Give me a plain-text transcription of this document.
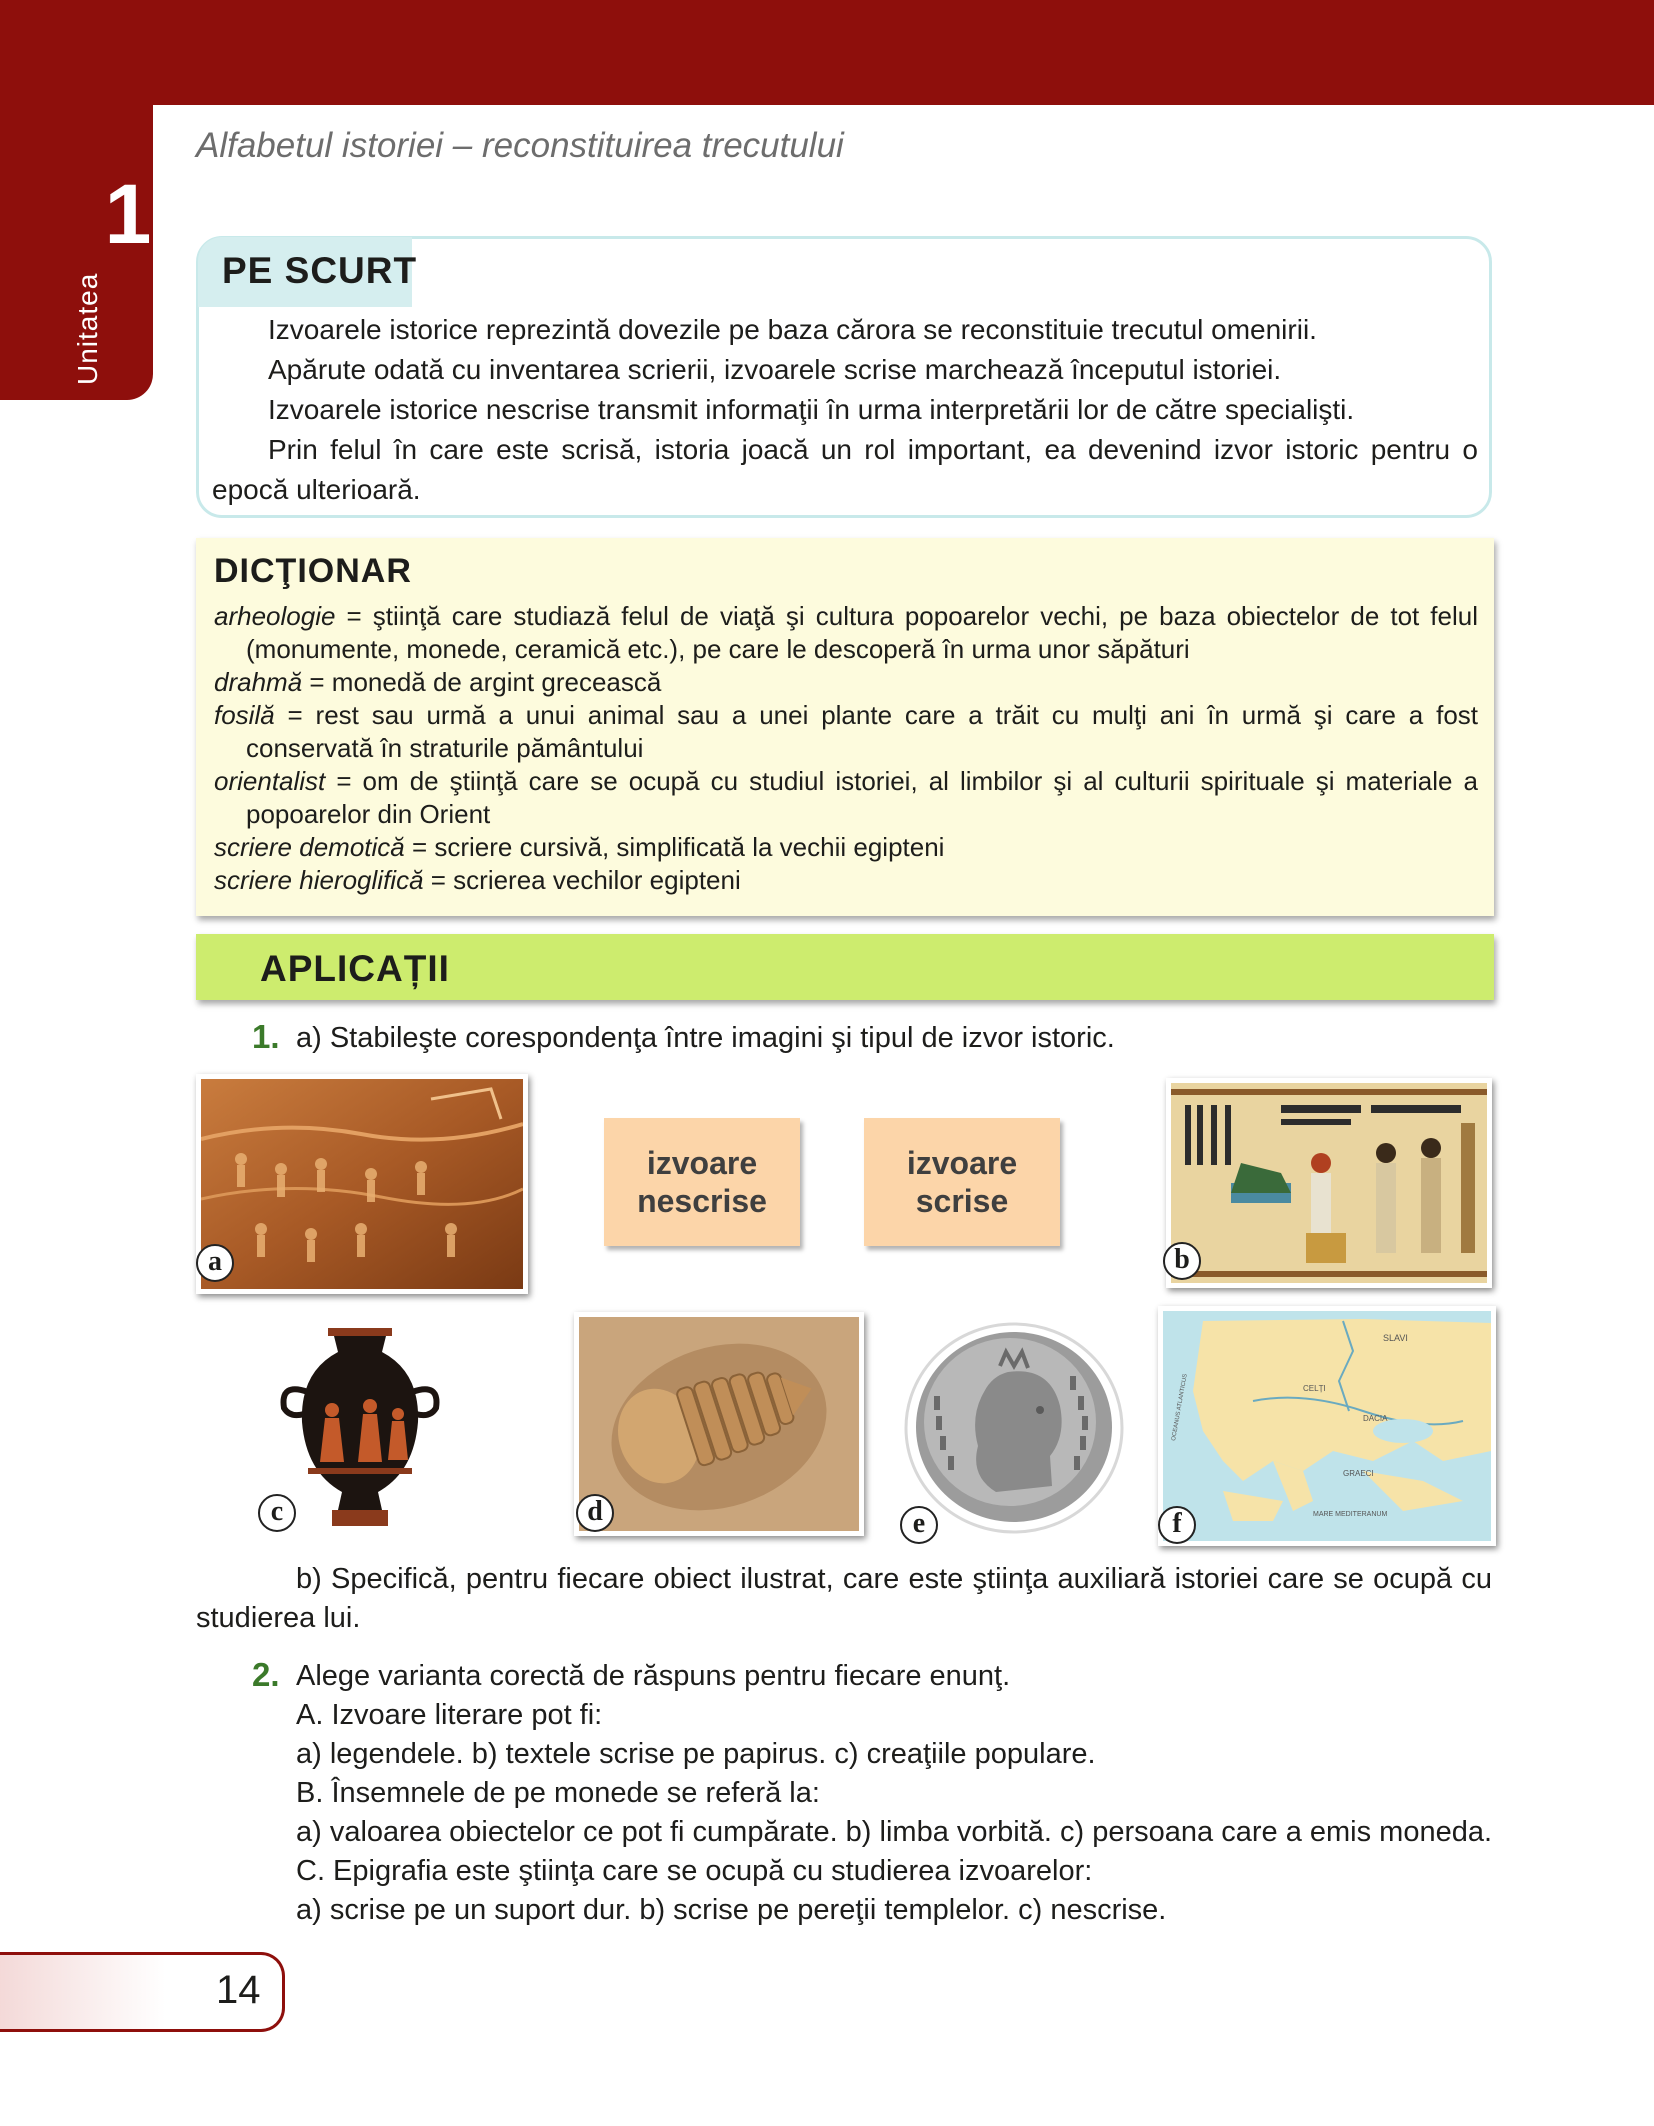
1
Unitatea
Alfabetul istoriei – reconstituirea trecutului
PE SCURT

Izvoarele istorice reprezintă dovezile pe baza cărora se reconstituie trecutul omenirii.

Apărute odată cu inventarea scrierii, izvoarele scrise marchează începutul istoriei.

Izvoarele istorice nescrise transmit informaţii în urma interpretării lor de către specialişti.

Prin felul în care este scrisă, istoria joacă un rol important, ea devenind izvor istoric pentru o epocă ulterioară.

DICŢIONAR
arheologie = ştiinţă care studiază felul de viaţă şi cultura popoarelor vechi, pe baza obiectelor de tot felul (monumente, monede, ceramică etc.), pe care le descoperă în urma unor săpături
drahmă = monedă de argint grecească
fosilă = rest sau urmă a unui animal sau a unei plante care a trăit cu mulţi ani în urmă şi care a fost conservată în straturile pământului
orientalist = om de ştiinţă care se ocupă cu studiul istoriei, al limbilor şi al culturii spirituale şi materiale a popoarelor din Orient
scriere demotică = scriere cursivă, simplificată la vechii egipteni
scriere hieroglifică = scrierea vechilor egipteni
APLICAȚII
1. a) Stabileşte corespondenţa între imagini şi tipul de izvor istoric.
a
izvoare
nescrise
izvoare
scrise
b
c	d	e
SLAVI
CELȚI
DACIA
GRAECI
MARE MEDITERANUM
OCEANUS ATLANTICUS
f
b) Specifică, pentru fiecare obiect ilustrat, care este ştiinţa auxiliară istoriei care se ocupă cu studierea lui.
2. Alege varianta corectă de răspuns pentru fiecare enunţ.
A. Izvoare literare pot fi:
a) legendele. b) textele scrise pe papirus. c) creaţiile populare.
B. Însemnele de pe monede se referă la:
a) valoarea obiectelor ce pot fi cumpărate. b) limba vorbită. c) persoana care a emis moneda.
C. Epigrafia este ştiinţa care se ocupă cu studierea izvoarelor:
a) scrise pe un suport dur. b) scrise pe pereţii templelor. c) nescrise.
14
